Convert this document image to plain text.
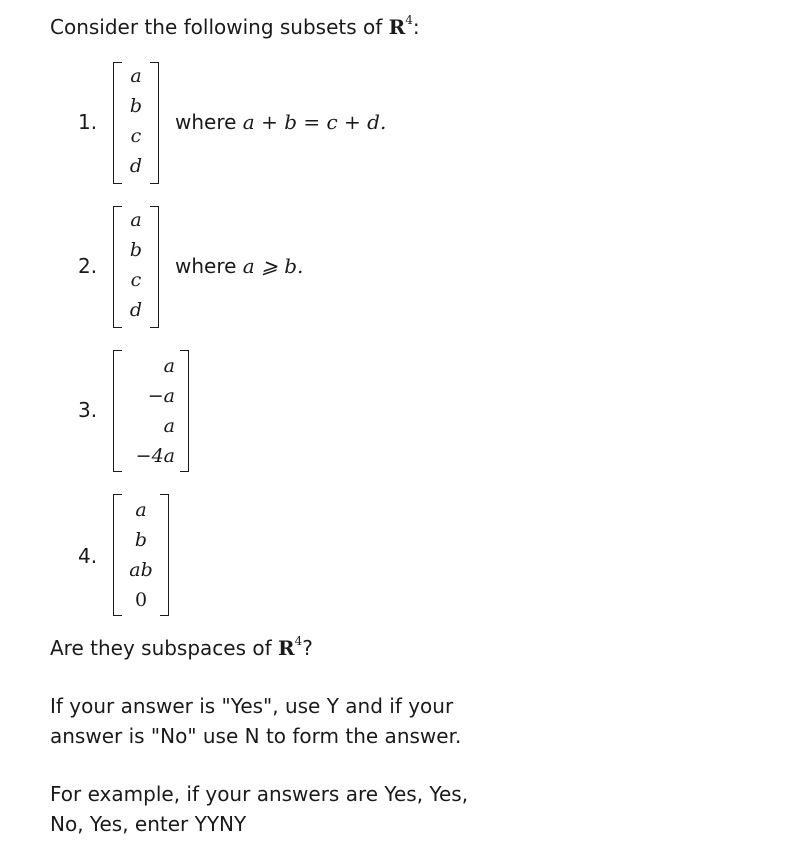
Consider the following subsets of $R^4$:
1.
a
b
c
d
where a + b = c + d.
2.
a
b
c
d
where a ⩾ b.
3.
a
−a
a
−4a
4.
a
b
ab
0
Are they subspaces of $R^4$?
If your answer is "Yes", use Y and if your
answer is "No" use N to form the answer.
For example, if your answers are Yes, Yes,
No, Yes, enter YYNY
